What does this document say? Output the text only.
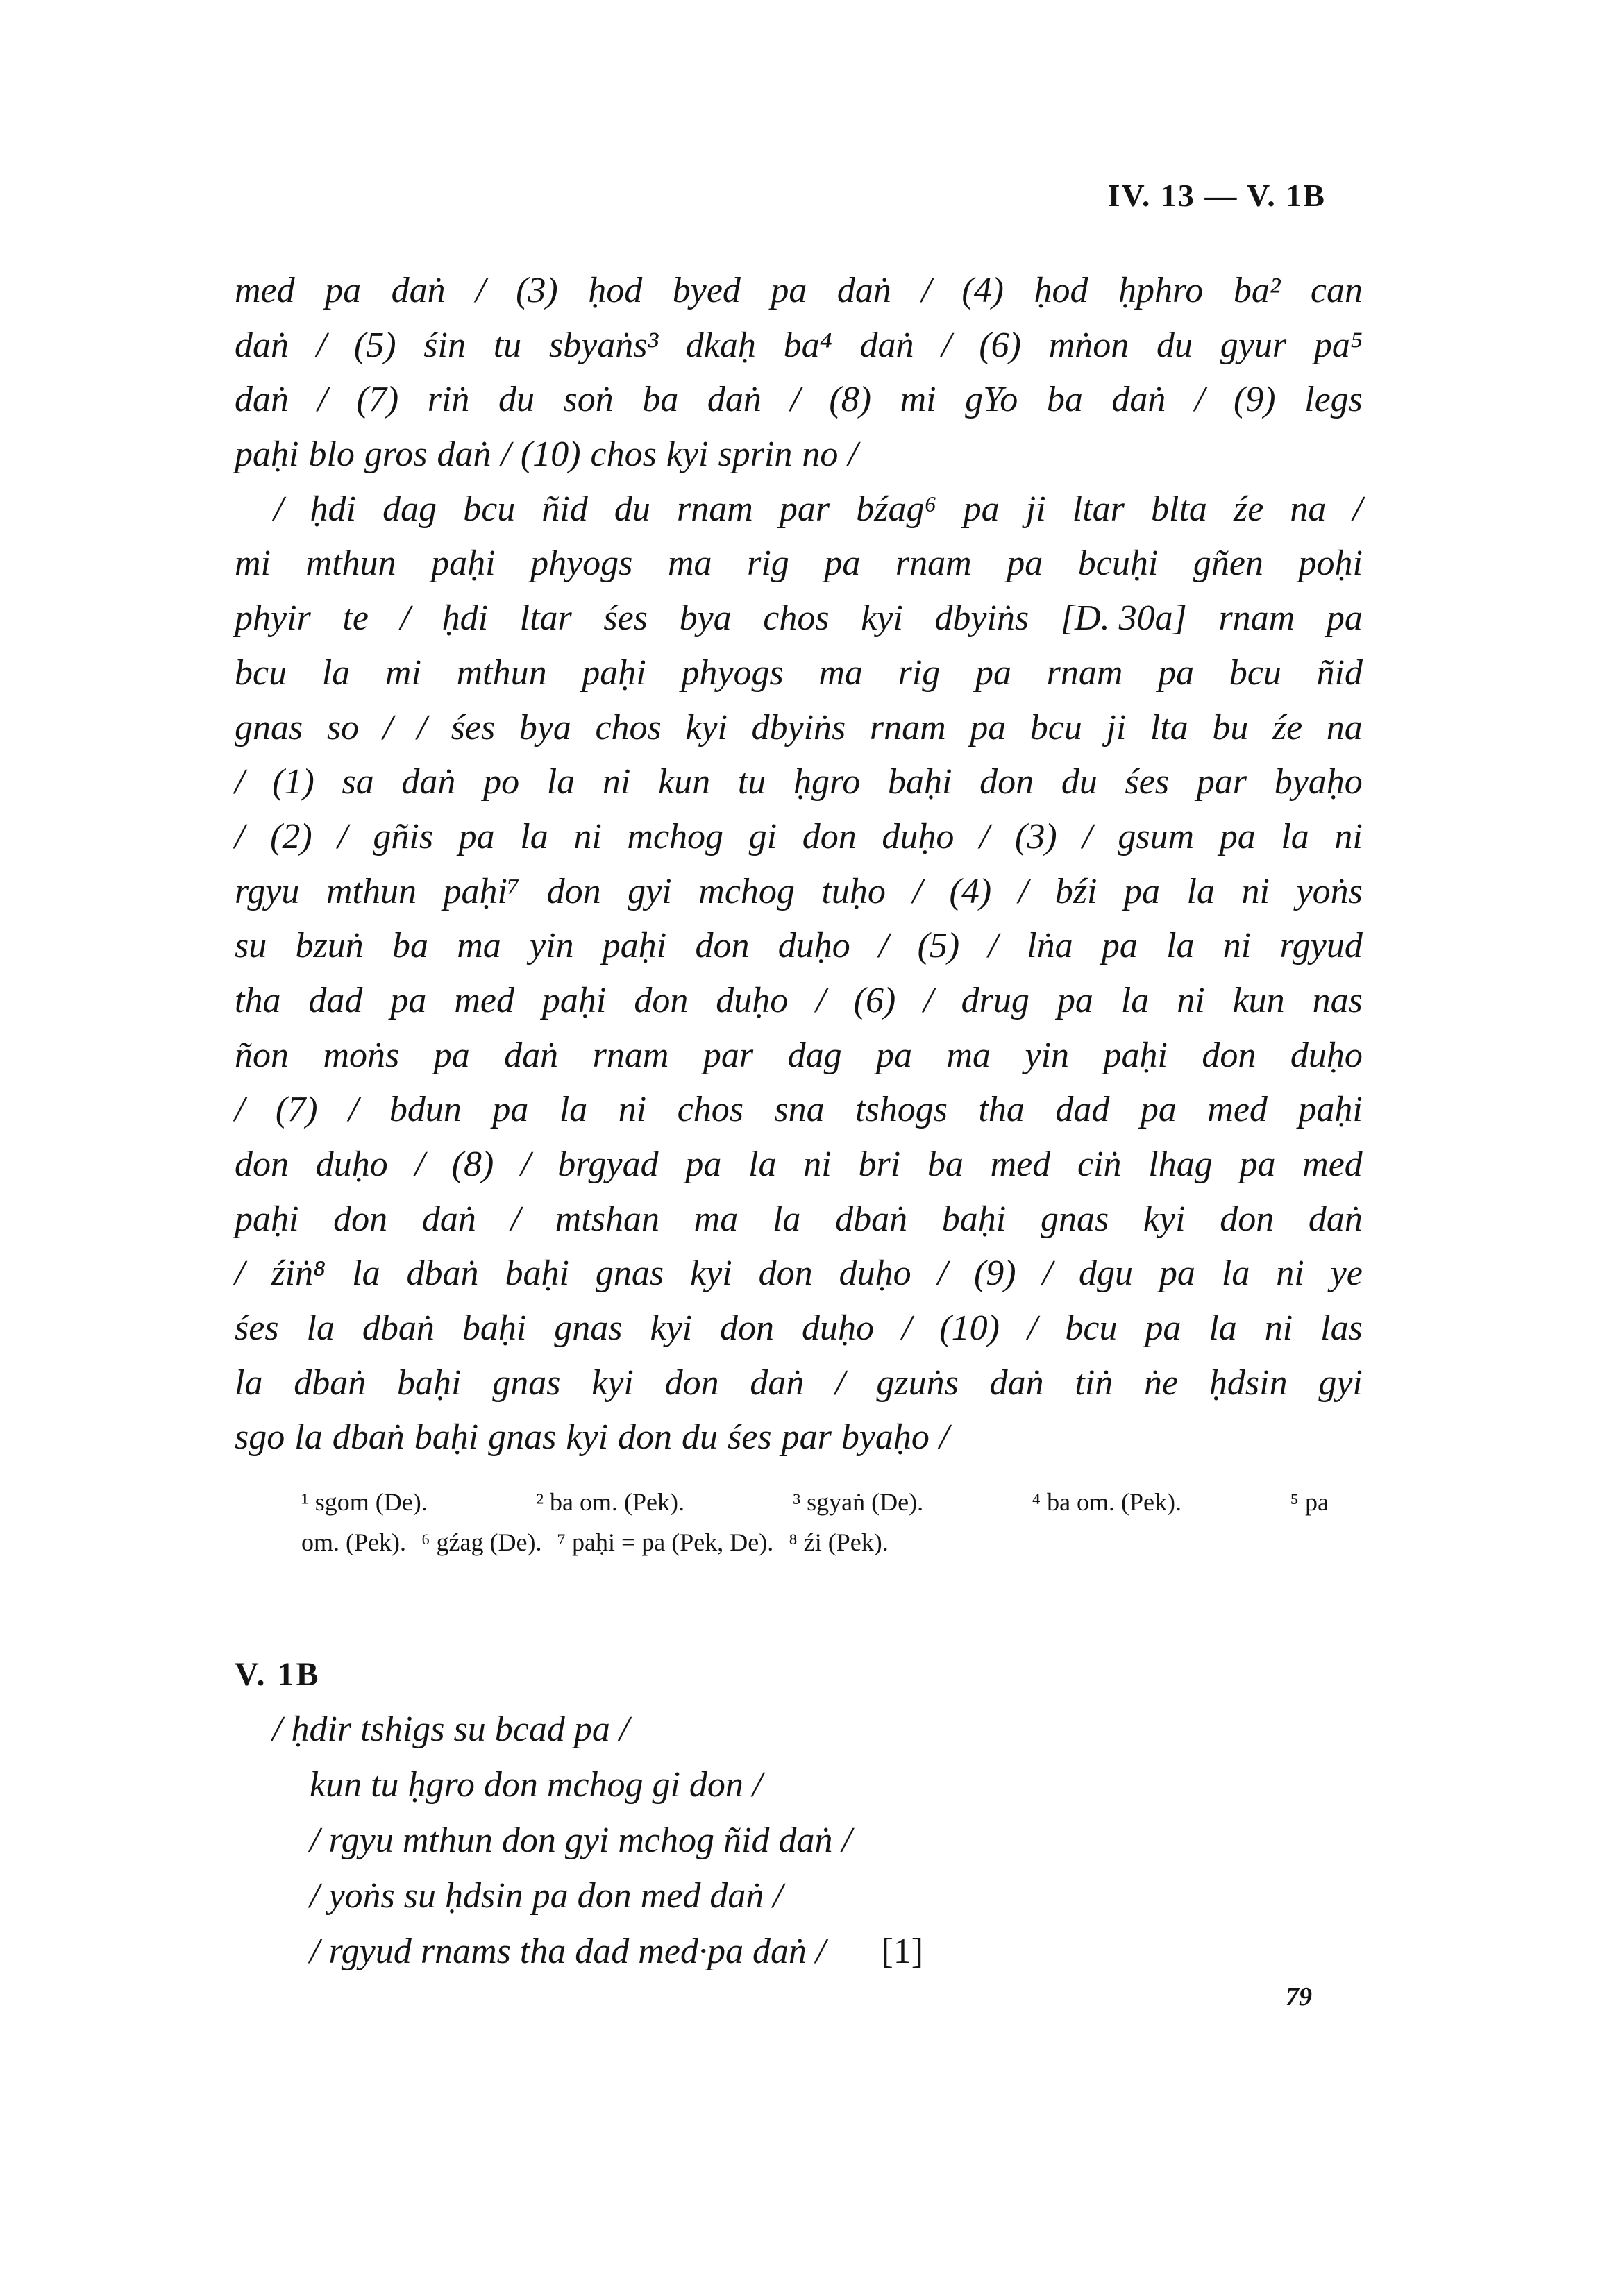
IV. 13 — V. 1B
med pa daṅ / (3) ḥod byed pa daṅ / (4) ḥod ḥphro ba² can
daṅ / (5) śin tu sbyaṅs³ dkaḥ ba⁴ daṅ / (6) mṅon du gyur pa⁵
daṅ / (7) riṅ du soṅ ba daṅ / (8) mi gYo ba daṅ / (9) legs
paḥi blo gros daṅ / (10) chos kyi sprin no /
/ ḥdi dag bcu ñid du rnam par bźag⁶ pa ji ltar blta źe na /
mi mthun paḥi phyogs ma rig pa rnam pa bcuḥi gñen poḥi
phyir te / ḥdi ltar śes bya chos kyi dbyiṅs [D. 30a] rnam pa
bcu la mi mthun paḥi phyogs ma rig pa rnam pa bcu ñid
gnas so / / śes bya chos kyi dbyiṅs rnam pa bcu ji lta bu źe na
/ (1) sa daṅ po la ni kun tu ḥgro baḥi don du śes par byaḥo
/ (2) / gñis pa la ni mchog gi don duḥo / (3) / gsum pa la ni
rgyu mthun paḥi⁷ don gyi mchog tuḥo / (4) / bźi pa la ni yoṅs
su bzuṅ ba ma yin paḥi don duḥo / (5) / lṅa pa la ni rgyud
tha dad pa med paḥi don duḥo / (6) / drug pa la ni kun nas
ñon moṅs pa daṅ rnam par dag pa ma yin paḥi don duḥo
/ (7) / bdun pa la ni chos sna tshogs tha dad pa med paḥi
don duḥo / (8) / brgyad pa la ni bri ba med ciṅ lhag pa med
paḥi don daṅ / mtshan ma la dbaṅ baḥi gnas kyi don daṅ
/ źiṅ⁸ la dbaṅ baḥi gnas kyi don duḥo / (9) / dgu pa la ni ye
śes la dbaṅ baḥi gnas kyi don duḥo / (10) / bcu pa la ni las
la dbaṅ baḥi gnas kyi don daṅ / gzuṅs daṅ tiṅ ṅe ḥdsin gyi
sgo la dbaṅ baḥi gnas kyi don du śes par byaḥo /
¹ sgom (De).	² ba om. (Pek).	³ sgyaṅ (De).	⁴ ba om. (Pek).	⁵ pa
om. (Pek). ⁶ gźag (De). ⁷ paḥi = pa (Pek, De). ⁸ źi (Pek).
V. 1B
/ ḥdir tshigs su bcad pa /
kun tu ḥgro don mchog gi don /
/ rgyu mthun don gyi mchog ñid daṅ /
/ yoṅs su ḥdsin pa don med daṅ /
/ rgyud rnams tha dad med·pa daṅ / [1]
79
